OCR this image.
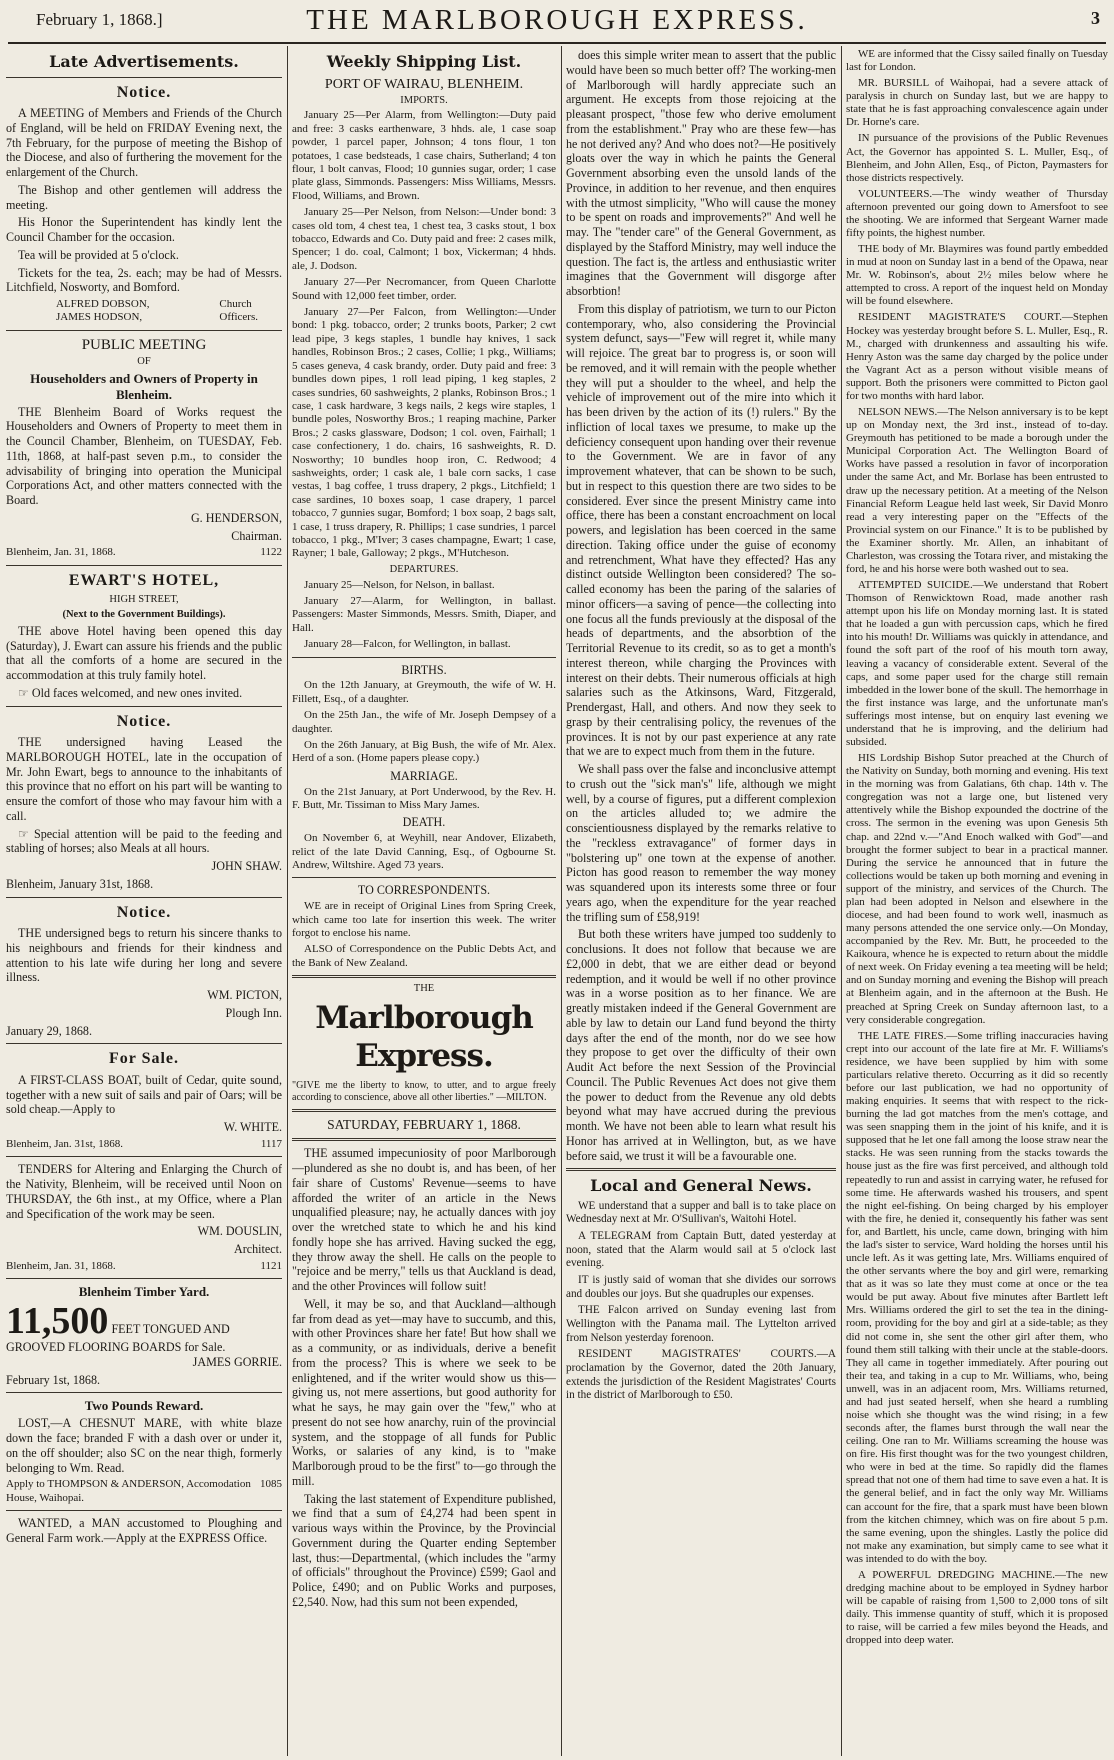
February 1, 1868.]	THE MARLBOROUGH EXPRESS.	3
Late Advertisements.
Notice.

A MEETING of Members and Friends of the Church of England, will be held on FRIDAY Evening next, the 7th February, for the purpose of meeting the Bishop of the Diocese, and also of furthering the movement for the enlargement of the Church.

The Bishop and other gentlemen will address the meeting.

His Honor the Superintendent has kindly lent the Council Chamber for the occasion.

Tea will be provided at 5 o'clock.

Tickets for the tea, 2s. each; may be had of Messrs. Litchfield, Nosworty, and Bomford.

ALFRED DOBSON,
JAMES HODSON,
Church
Officers.
PUBLIC MEETING
OF
Householders and Owners of Property in Blenheim.

THE Blenheim Board of Works request the Householders and Owners of Property to meet them in the Council Chamber, Blenheim, on TUESDAY, Feb. 11th, 1868, at half-past seven p.m., to consider the advisability of bringing into operation the Municipal Corporations Act, and other matters connected with the Board.

G. HENDERSON,

Chairman.

Blenheim, Jan. 31, 1868.	1122
EWART'S HOTEL,
HIGH STREET,
(Next to the Government Buildings).

THE above Hotel having been opened this day (Saturday), J. Ewart can assure his friends and the public that all the comforts of a home are secured in the accommodation at this truly family hotel.

☞ Old faces welcomed, and new ones invited.

Notice.

THE undersigned having Leased the MARLBOROUGH HOTEL, late in the occupation of Mr. John Ewart, begs to announce to the inhabitants of this province that no effort on his part will be wanting to ensure the comfort of those who may favour him with a call.

☞ Special attention will be paid to the feeding and stabling of horses; also Meals at all hours.

JOHN SHAW.

Blenheim, January 31st, 1868.

Notice.

THE undersigned begs to return his sincere thanks to his neighbours and friends for their kindness and attention to his late wife during her long and severe illness.

WM. PICTON,

Plough Inn.

January 29, 1868.

For Sale.

A FIRST-CLASS BOAT, built of Cedar, quite sound, together with a new suit of sails and pair of Oars; will be sold cheap.—Apply to

W. WHITE.

Blenheim, Jan. 31st, 1868.	1117

TENDERS for Altering and Enlarging the Church of the Nativity, Blenheim, will be received until Noon on THURSDAY, the 6th inst., at my Office, where a Plan and Specification of the work may be seen.

WM. DOUSLIN,

Architect.

Blenheim, Jan. 31, 1868.	1121
Blenheim Timber Yard.
11,500 FEET TONGUED AND GROOVED FLOORING BOARDS for Sale.

JAMES GORRIE.

February 1st, 1868.

Two Pounds Reward.

LOST,—A CHESNUT MARE, with white blaze down the face; branded F with a dash over or under it, on the off shoulder; also SC on the near thigh, formerly belonging to Wm. Read.

Apply to THOMPSON & ANDERSON, Accomodation House, Waihopai.
1085

WANTED, a MAN accustomed to Ploughing and General Farm work.—Apply at the EXPRESS Office.

Weekly Shipping List.
PORT OF WAIRAU, BLENHEIM.
IMPORTS.

January 25—Per Alarm, from Wellington:—Duty paid and free: 3 casks earthenware, 3 hhds. ale, 1 case soap powder, 1 parcel paper, Johnson; 4 tons flour, 1 ton potatoes, 1 case bedsteads, 1 case chairs, Sutherland; 4 ton flour, 1 bolt canvas, Flood; 10 gunnies sugar, order; 1 case plate glass, Simmonds. Passengers: Miss Williams, Messrs. Flood, Williams, and Brown.

January 25—Per Nelson, from Nelson:—Under bond: 3 cases old tom, 4 chest tea, 1 chest tea, 3 casks stout, 1 box tobacco, Edwards and Co. Duty paid and free: 2 cases milk, Spencer; 1 do. coal, Calmont; 1 box, Vickerman; 4 hhds. ale, J. Dodson.

January 27—Per Necromancer, from Queen Charlotte Sound with 12,000 feet timber, order.

January 27—Per Falcon, from Wellington:—Under bond: 1 pkg. tobacco, order; 2 trunks boots, Parker; 2 cwt lead pipe, 3 kegs staples, 1 bundle hay knives, 1 sack handles, Robinson Bros.; 2 cases, Collie; 1 pkg., Williams; 5 cases geneva, 4 cask brandy, order. Duty paid and free: 3 bundles down pipes, 1 roll lead piping, 1 keg staples, 2 cases sundries, 60 sashweights, 2 planks, Robinson Bros.; 1 case, 1 cask hardware, 3 kegs nails, 2 kegs wire staples, 1 bundle poles, Nosworthy Bros.; 1 reaping machine, Parker Bros.; 2 casks glassware, Dodson; 1 col. oven, Fairhall; 1 case confectionery, 1 do. chairs, 16 sashweights, R. D. Nosworthy; 10 bundles hoop iron, C. Redwood; 4 sashweights, order; 1 cask ale, 1 bale corn sacks, 1 case vestas, 1 bag coffee, 1 truss drapery, 2 pkgs., Litchfield; 1 case sardines, 10 boxes soap, 1 case drapery, 1 parcel tobacco, 7 gunnies sugar, Bomford; 1 box soap, 2 bags salt, 1 case, 1 truss drapery, R. Phillips; 1 case sundries, 1 parcel tobacco, 1 pkg., M'Iver; 3 cases champagne, Ewart; 1 case, Rayner; 1 bale, Galloway; 2 pkgs., M'Hutcheson.

DEPARTURES.

January 25—Nelson, for Nelson, in ballast.

January 27—Alarm, for Wellington, in ballast. Passengers: Master Simmonds, Messrs. Smith, Diaper, and Hall.

January 28—Falcon, for Wellington, in ballast.

BIRTHS.

On the 12th January, at Greymouth, the wife of W. H. Fillett, Esq., of a daughter.

On the 25th Jan., the wife of Mr. Joseph Dempsey of a daughter.

On the 26th January, at Big Bush, the wife of Mr. Alex. Herd of a son. (Home papers please copy.)

MARRIAGE.

On the 21st January, at Port Underwood, by the Rev. H. F. Butt, Mr. Tissiman to Miss Mary James.

DEATH.

On November 6, at Weyhill, near Andover, Elizabeth, relict of the late David Canning, Esq., of Ogbourne St. Andrew, Wiltshire. Aged 73 years.

TO CORRESPONDENTS.

WE are in receipt of Original Lines from Spring Creek, which came too late for insertion this week. The writer forgot to enclose his name.

ALSO of Correspondence on the Public Debts Act, and the Bank of New Zealand.

THE
Marlborough Express.
"GIVE me the liberty to know, to utter, and to argue freely according to conscience, above all other liberties." —MILTON.
SATURDAY, FEBRUARY 1, 1868.

THE assumed impecuniosity of poor Marlborough—plundered as she no doubt is, and has been, of her fair share of Customs' Revenue—seems to have afforded the writer of an article in the News unqualified pleasure; nay, he actually dances with joy over the wretched state to which he and his kind fondly hope she has arrived. Having sucked the egg, they throw away the shell. He calls on the people to "rejoice and be merry," tells us that Auckland is dead, and the other Provinces will follow suit!

Well, it may be so, and that Auckland—although far from dead as yet—may have to succumb, and this, with other Provinces share her fate! But how shall we as a community, or as individuals, derive a benefit from the process? This is where we seek to be enlightened, and if the writer would show us this—giving us, not mere assertions, but good authority for what he says, he may gain over the "few," who at present do not see how anarchy, ruin of the provincial system, and the stoppage of all funds for Public Works, or salaries of any kind, is to "make Marlborough proud to be the first" to—go through the mill.

Taking the last statement of Expenditure published, we find that a sum of £4,274 had been spent in various ways within the Province, by the Provincial Government during the Quarter ending September last, thus:—Departmental, (which includes the "army of officials" throughout the Province) £599; Gaol and Police, £490; and on Public Works and purposes, £2,540. Now, had this sum not been expended,

does this simple writer mean to assert that the public would have been so much better off? The working-men of Marlborough will hardly appreciate such an argument. He excepts from those rejoicing at the pleasant prospect, "those few who derive emolument from the establishment." Pray who are these few—has he not derived any? And who does not?—He positively gloats over the way in which he paints the General Government absorbing even the unsold lands of the Province, in addition to her revenue, and then enquires with the utmost simplicity, "Who will cause the money to be spent on roads and improvements?" And well he may. The "tender care" of the General Government, as displayed by the Stafford Ministry, may well induce the question. The fact is, the artless and enthusiastic writer imagines that the Government will disgorge after absorbtion!

From this display of patriotism, we turn to our Picton contemporary, who, also considering the Provincial system defunct, says—"Few will regret it, while many will rejoice. The great bar to progress is, or soon will be removed, and it will remain with the people whether they will put a shoulder to the wheel, and help the vehicle of improvement out of the mire into which it has been driven by the action of its (!) rulers." By the infliction of local taxes we presume, to make up the deficiency consequent upon handing over their revenue to the Government. We are in favor of any improvement whatever, that can be shown to be such, but in respect to this question there are two sides to be considered. Ever since the present Ministry came into office, there has been a constant encroachment on local powers, and legislation has been coerced in the same direction. Taking office under the guise of economy and retrenchment, What have they effected? Has any distinct outside Wellington been considered? The so-called economy has been the paring of the salaries of minor officers—a saving of pence—the collecting into one focus all the funds previously at the disposal of the heads of departments, and the absorbtion of the Territorial Revenue to its credit, so as to get a month's interest thereon, while charging the Provinces with interest on their debts. Their numerous officials at high salaries such as the Atkinsons, Ward, Fitzgerald, Prendergast, Hall, and others. And now they seek to grasp by their centralising policy, the revenues of the provinces. It is not by our past experience at any rate that we are to expect much from them in the future.

We shall pass over the false and inconclusive attempt to crush out the "sick man's" life, although we might well, by a course of figures, put a different complexion on the articles alluded to; we admire the conscientiousness displayed by the remarks relative to the "reckless extravagance" of former days in "bolstering up" one town at the expense of another. Picton has good reason to remember the way money was squandered upon its interests some three or four years ago, when the expenditure for the year reached the trifling sum of £58,919!

But both these writers have jumped too suddenly to conclusions. It does not follow that because we are £2,000 in debt, that we are either dead or beyond redemption, and it would be well if no other province was in a worse position as to her finance. We are greatly mistaken indeed if the General Government are able by law to detain our Land fund beyond the thirty days after the end of the month, nor do we see how they propose to get over the difficulty of their own Audit Act before the next Session of the Provincial Council. The Public Revenues Act does not give them the power to deduct from the Revenue any old debts beyond what may have accrued during the previous month. We have not been able to learn what result his Honor has arrived at in Wellington, but, as we have before said, we trust it will be a favourable one.

Local and General News.

WE understand that a supper and ball is to take place on Wednesday next at Mr. O'Sullivan's, Waitohi Hotel.

A TELEGRAM from Captain Butt, dated yesterday at noon, stated that the Alarm would sail at 5 o'clock last evening.

IT is justly said of woman that she divides our sorrows and doubles our joys. But she quadruples our expenses.

THE Falcon arrived on Sunday evening last from Wellington with the Panama mail. The Lyttelton arrived from Nelson yesterday forenoon.

RESIDENT MAGISTRATES' COURTS.—A proclamation by the Governor, dated the 20th January, extends the jurisdiction of the Resident Magistrates' Courts in the district of Marlborough to £50.

WE are informed that the Cissy sailed finally on Tuesday last for London.

MR. BURSILL of Waihopai, had a severe attack of paralysis in church on Sunday last, but we are happy to state that he is fast approaching convalescence again under Dr. Horne's care.

IN pursuance of the provisions of the Public Revenues Act, the Governor has appointed S. L. Muller, Esq., of Blenheim, and John Allen, Esq., of Picton, Paymasters for those districts respectively.

VOLUNTEERS.—The windy weather of Thursday afternoon prevented our going down to Amersfoot to see the shooting. We are informed that Sergeant Warner made fifty points, the highest number.

THE body of Mr. Blaymires was found partly embedded in mud at noon on Sunday last in a bend of the Opawa, near Mr. W. Robinson's, about 2½ miles below where he attempted to cross. A report of the inquest held on Monday will be found elsewhere.

RESIDENT MAGISTRATE'S COURT.—Stephen Hockey was yesterday brought before S. L. Muller, Esq., R. M., charged with drunkenness and assaulting his wife. Henry Aston was the same day charged by the police under the Vagrant Act as a person without visible means of support. Both the prisoners were committed to Picton gaol for two months with hard labor.

NELSON NEWS.—The Nelson anniversary is to be kept up on Monday next, the 3rd inst., instead of to-day. Greymouth has petitioned to be made a borough under the Municipal Corporation Act. The Wellington Board of Works have passed a resolution in favor of incorporation under the same Act, and Mr. Borlase has been entrusted to draw up the necessary petition. At a meeting of the Nelson Financial Reform League held last week, Sir David Monro read a very interesting paper on the "Effects of the Provincial system on our Finance." It is to be published by the Examiner shortly. Mr. Allen, an inhabitant of Charleston, was crossing the Totara river, and mistaking the ford, he and his horse were both washed out to sea.

ATTEMPTED SUICIDE.—We understand that Robert Thomson of Renwicktown Road, made another rash attempt upon his life on Monday morning last. It is stated that he loaded a gun with percussion caps, which he fired into his mouth! Dr. Williams was quickly in attendance, and found the soft part of the roof of his mouth torn away, leaving a vacancy of considerable extent. Several of the caps, and some paper used for the charge still remain imbedded in the lower bone of the skull. The hemorrhage in the first instance was large, and the unfortunate man's sufferings most intense, but on enquiry last evening we understand that he is improving, and the delirium had subsided.

HIS Lordship Bishop Sutor preached at the Church of the Nativity on Sunday, both morning and evening. His text in the morning was from Galatians, 6th chap. 14th v. The congregation was not a large one, but listened very attentively while the Bishop expounded the doctrine of the cross. The sermon in the evening was upon Genesis 5th chap. and 22nd v.—"And Enoch walked with God"—and brought the former subject to bear in a practical manner. During the service he announced that in future the collections would be taken up both morning and evening in support of the ministry, and services of the Church. The plan had been adopted in Nelson and elsewhere in the diocese, and had been found to work well, inasmuch as many persons attended the one service only.—On Monday, accompanied by the Rev. Mr. Butt, he proceeded to the Kaikoura, whence he is expected to return about the middle of next week. On Friday evening a tea meeting will be held; and on Sunday morning and evening the Bishop will preach at Blenheim again, and in the afternoon at the Bush. He preached at Spring Creek on Sunday afternoon last, to a very considerable congregation.

THE LATE FIRES.—Some trifling inaccuracies having crept into our account of the late fire at Mr. F. Williams's residence, we have been supplied by him with some particulars relative thereto. Occurring as it did so recently before our last publication, we had no opportunity of making enquiries. It seems that with respect to the rick-burning the lad got matches from the men's cottage, and was seen snapping them in the joint of his knife, and it is supposed that he let one fall among the loose straw near the stacks. He was seen running from the stacks towards the house just as the fire was first perceived, and although told repeatedly to run and assist in carrying water, he refused for some time. He afterwards washed his trousers, and spent the night eel-fishing. On being charged by his employer with the fire, he denied it, consequently his father was sent for, and Bartlett, his uncle, came down, bringing with him the lad's sister to service, Ward holding the horses until his uncle left. As it was getting late, Mrs. Williams enquired of the other servants where the boy and girl were, remarking that as it was so late they must come at once or the tea would be put away. About five minutes after Bartlett left Mrs. Williams ordered the girl to set the tea in the dining-room, providing for the boy and girl at a side-table; as they did not come in, she sent the other girl after them, who found them still talking with their uncle at the stable-doors. They all came in together immediately. After pouring out their tea, and taking in a cup to Mr. Williams, who, being unwell, was in an adjacent room, Mrs. Williams returned, and had just seated herself, when she heard a rumbling noise which she thought was the wind rising; in a few seconds after, the flames burst through the wall near the ceiling. One ran to Mr. Williams screaming the house was on fire. His first thought was for the two youngest children, who were in bed at the time. So rapidly did the flames spread that not one of them had time to save even a hat. It is the general belief, and in fact the only way Mr. Williams can account for the fire, that a spark must have been blown from the kitchen chimney, which was on fire about 5 p.m. the same evening, upon the shingles. Lastly the police did not make any examination, but simply came to see what it was intended to do with the boy.

A POWERFUL DREDGING MACHINE.—The new dredging machine about to be employed in Sydney harbor will be capable of raising from 1,500 to 2,000 tons of silt daily. This immense quantity of stuff, which it is proposed to raise, will be carried a few miles beyond the Heads, and dropped into deep water.
